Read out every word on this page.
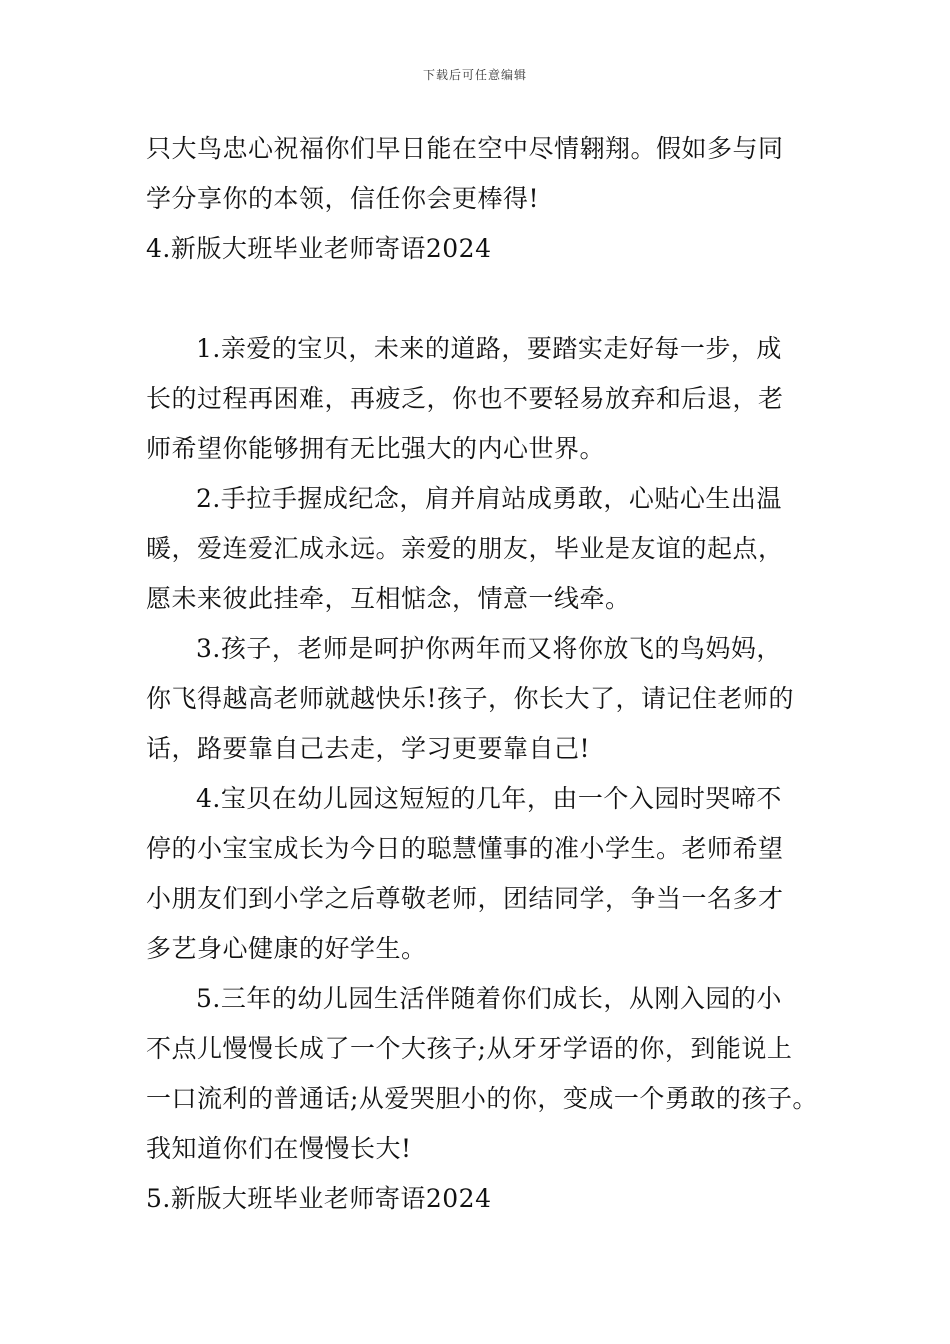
下载后可任意编辑
只大鸟忠心祝福你们早日能在空中尽情翱翔。假如多与同
学分享你的本领，信任你会更棒得!
4.新版大班毕业老师寄语2024
1.亲爱的宝贝，未来的道路，要踏实走好每一步，成
长的过程再困难，再疲乏，你也不要轻易放弃和后退，老
师希望你能够拥有无比强大的内心世界。
2.手拉手握成纪念，肩并肩站成勇敢，心贴心生出温
暖，爱连爱汇成永远。亲爱的朋友，毕业是友谊的起点，
愿未来彼此挂牵，互相惦念，情意一线牵。
3.孩子，老师是呵护你两年而又将你放飞的鸟妈妈，
你飞得越高老师就越快乐!孩子，你长大了，请记住老师的
话，路要靠自己去走，学习更要靠自己!
4.宝贝在幼儿园这短短的几年，由一个入园时哭啼不
停的小宝宝成长为今日的聪慧懂事的准小学生。老师希望
小朋友们到小学之后尊敬老师，团结同学，争当一名多才
多艺身心健康的好学生。
5.三年的幼儿园生活伴随着你们成长，从刚入园的小
不点儿慢慢长成了一个大孩子;从牙牙学语的你，到能说上
一口流利的普通话;从爱哭胆小的你，变成一个勇敢的孩子。
我知道你们在慢慢长大!
5.新版大班毕业老师寄语2024
